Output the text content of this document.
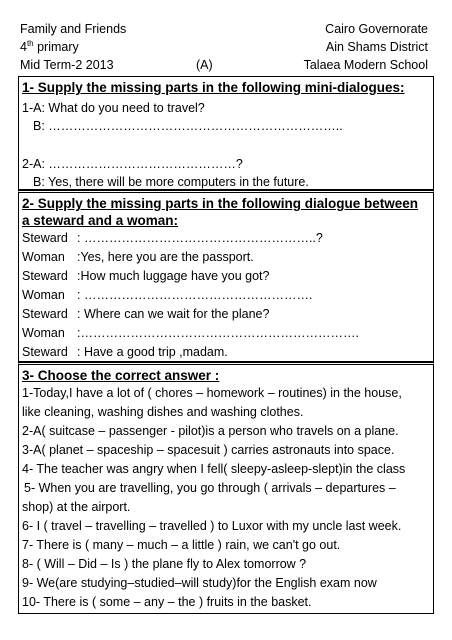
Family and Friends
4th primary
Mid Term-2 2013	(A)
Cairo Governorate
Ain Shams District
Talaea Modern School
1- Supply the missing parts in the following mini-dialogues:
1-A: What do you need to travel?
B: ……………………………………………………………..
2-A: ………………………………………?
B: Yes, there will be more computers in the future.
2- Supply the missing parts in the following dialogue between
a steward and a woman:
Steward : ………………………………………………..?
Woman :Yes, here you are the passport.
Steward :How much luggage have you got?
Woman : ……………………………………………….
Steward : Where can we wait for the plane?
Woman :………………………………………………………….
Steward : Have a good trip ,madam.
3- Choose the correct answer :
1-Today,I have a lot of ( chores – homework – routines) in the house,
like cleaning, washing dishes and washing clothes.
2-A( suitcase – passenger - pilot)is a person who travels on a plane.
3-A( planet – spaceship – spacesuit ) carries astronauts into space.
4- The teacher was angry when I fell( sleepy-asleep-slept)in the class
5- When you are travelling, you go through ( arrivals – departures –
shop) at the airport.
6- I ( travel – travelling – travelled ) to Luxor with my uncle last week.
7- There is ( many – much – a little ) rain, we can't go out.
8- ( Will – Did – Is ) the plane fly to Alex tomorrow ?
9- We(are studying–studied–will study)for the English exam now
10- There is ( some – any – the ) fruits in the basket.
